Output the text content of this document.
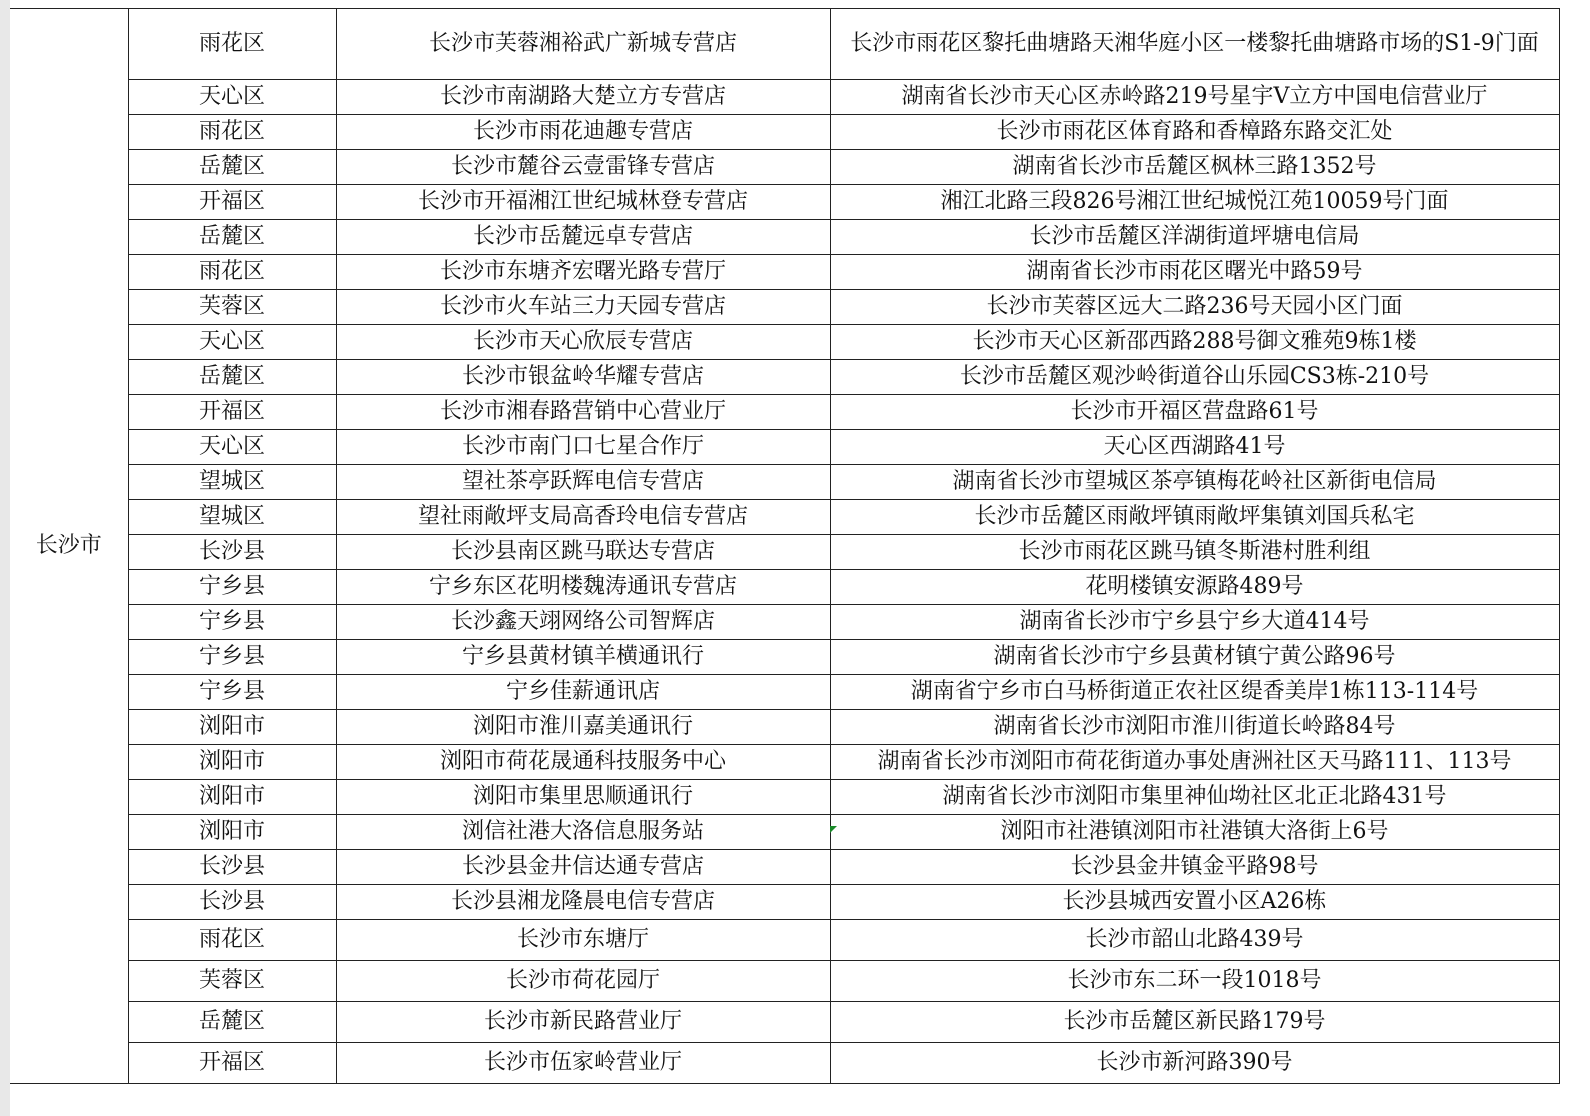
长沙市	雨花区	长沙市芙蓉湘裕武广新城专营店	长沙市雨花区黎托曲塘路天湘华庭小区一楼黎托曲塘路市场的S1-9门面
	天心区	长沙市南湖路大楚立方专营店	湖南省长沙市天心区赤岭路219号星宇V立方中国电信营业厅
	雨花区	长沙市雨花迪趣专营店	长沙市雨花区体育路和香樟路东路交汇处
	岳麓区	长沙市麓谷云壹雷锋专营店	湖南省长沙市岳麓区枫林三路1352号
	开福区	长沙市开福湘江世纪城林登专营店	湘江北路三段826号湘江世纪城悦江苑10059号门面
	岳麓区	长沙市岳麓远卓专营店	长沙市岳麓区洋湖街道坪塘电信局
	雨花区	长沙市东塘齐宏曙光路专营厅	湖南省长沙市雨花区曙光中路59号
	芙蓉区	长沙市火车站三力天园专营店	长沙市芙蓉区远大二路236号天园小区门面
	天心区	长沙市天心欣辰专营店	长沙市天心区新邵西路288号御文雅苑9栋1楼
	岳麓区	长沙市银盆岭华耀专营店	长沙市岳麓区观沙岭街道谷山乐园CS3栋-210号
	开福区	长沙市湘春路营销中心营业厅	长沙市开福区营盘路61号
	天心区	长沙市南门口七星合作厅	天心区西湖路41号
	望城区	望社茶亭跃辉电信专营店	湖南省长沙市望城区茶亭镇梅花岭社区新街电信局
	望城区	望社雨敞坪支局高香玲电信专营店	长沙市岳麓区雨敞坪镇雨敞坪集镇刘国兵私宅
	长沙县	长沙县南区跳马联达专营店	长沙市雨花区跳马镇冬斯港村胜利组
	宁乡县	宁乡东区花明楼魏涛通讯专营店	花明楼镇安源路489号
	宁乡县	长沙鑫天翊网络公司智辉店	湖南省长沙市宁乡县宁乡大道414号
	宁乡县	宁乡县黄材镇羊横通讯行	湖南省长沙市宁乡县黄材镇宁黄公路96号
	宁乡县	宁乡佳薪通讯店	湖南省宁乡市白马桥街道正农社区缇香美岸1栋113-114号
	浏阳市	浏阳市淮川嘉美通讯行	湖南省长沙市浏阳市淮川街道长岭路84号
	浏阳市	浏阳市荷花晟通科技服务中心	湖南省长沙市浏阳市荷花街道办事处唐洲社区天马路111、113号
	浏阳市	浏阳市集里思顺通讯行	湖南省长沙市浏阳市集里神仙坳社区北正北路431号
	浏阳市	浏信社港大洛信息服务站	浏阳市社港镇浏阳市社港镇大洛街上6号
	长沙县	长沙县金井信达通专营店	长沙县金井镇金平路98号
	长沙县	长沙县湘龙隆晨电信专营店	长沙县城西安置小区A26栋
	雨花区	长沙市东塘厅	长沙市韶山北路439号
	芙蓉区	长沙市荷花园厅	长沙市东二环一段1018号
	岳麓区	长沙市新民路营业厅	长沙市岳麓区新民路179号
	开福区	长沙市伍家岭营业厅	长沙市新河路390号
